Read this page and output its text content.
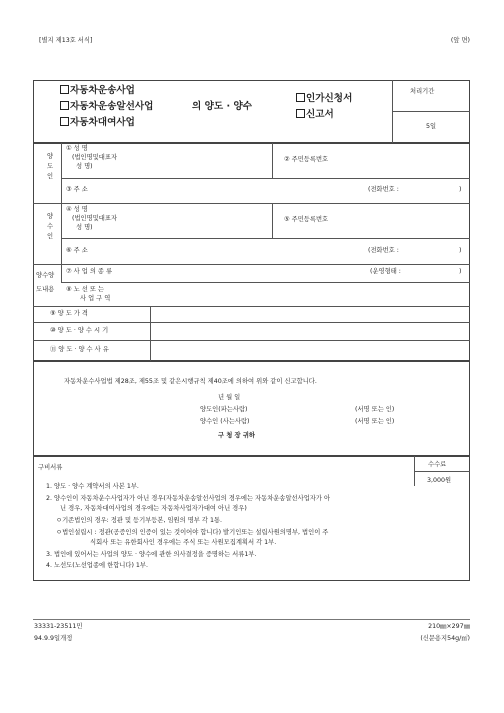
[별지 제13호 서식]	(앞 면)
자동차운송사업
자동차운송알선사업
자동차대여사업
의 양도 · 양수
인가신청서
신고서
처리기간
5일
양
도
인
① 성 명
(법인명및대표자
성 명)
② 주민등록번호
③ 주 소	(전화번호 :	)
양
수
인
④ 성 명
(법인명및대표자
성 명)
⑤ 주민등록번호
⑥ 주 소	(전화번호 :	)
양수양
도내용
⑦ 사 업 의 종 류	(운영형태 :	)
⑧ 노 선 또 는
사 업 구 역
⑨ 양 도 가 격
⑩ 양 도 · 양 수 시 기
⑪ 양 도 · 양 수 사 유
자동차운수사업법 제28조, 제55조 및 같은시행규칙 제40조에 의하여 위와 같이 신고합니다.
년 월 일
양도인(파는사람)	(서명 또는 인)
양수인 (사는사람)	(서명 또는 인)
구 청 장 귀하
구비서류	수수료
3,000원
1. 양도 · 양수 계약서의 사본 1부.
2. 양수인이 자동차운수사업자가 아닌 경우(자동차운송알선사업의 경우에는 자동차운송알선사업자가 아
닌 경우, 자동차대여사업의 경우에는 자동차사업자가대여 아닌 경우)
ㅇ기존법인의 경우: 정관 및 등기부등본, 임원의 명부 각 1통.
ㅇ법인설립시 : 정관(공증인의 인증이 있는 것이어야 합니다) 발기인또는 설립사원의명부, 법인이 주
식회사 또는 유한회사인 경우에는 주식 또는 사원모집계획서 각 1부.
3. 법인에 있어서는 사업의 양도 · 양수에 관한 의사결정을 증명하는 서류1부.
4. 노선도(노선업종에 한합니다) 1부.
33331-23511민	210㎜×297㎜
94.9.9일개정	(신문용지54g/㎡)
